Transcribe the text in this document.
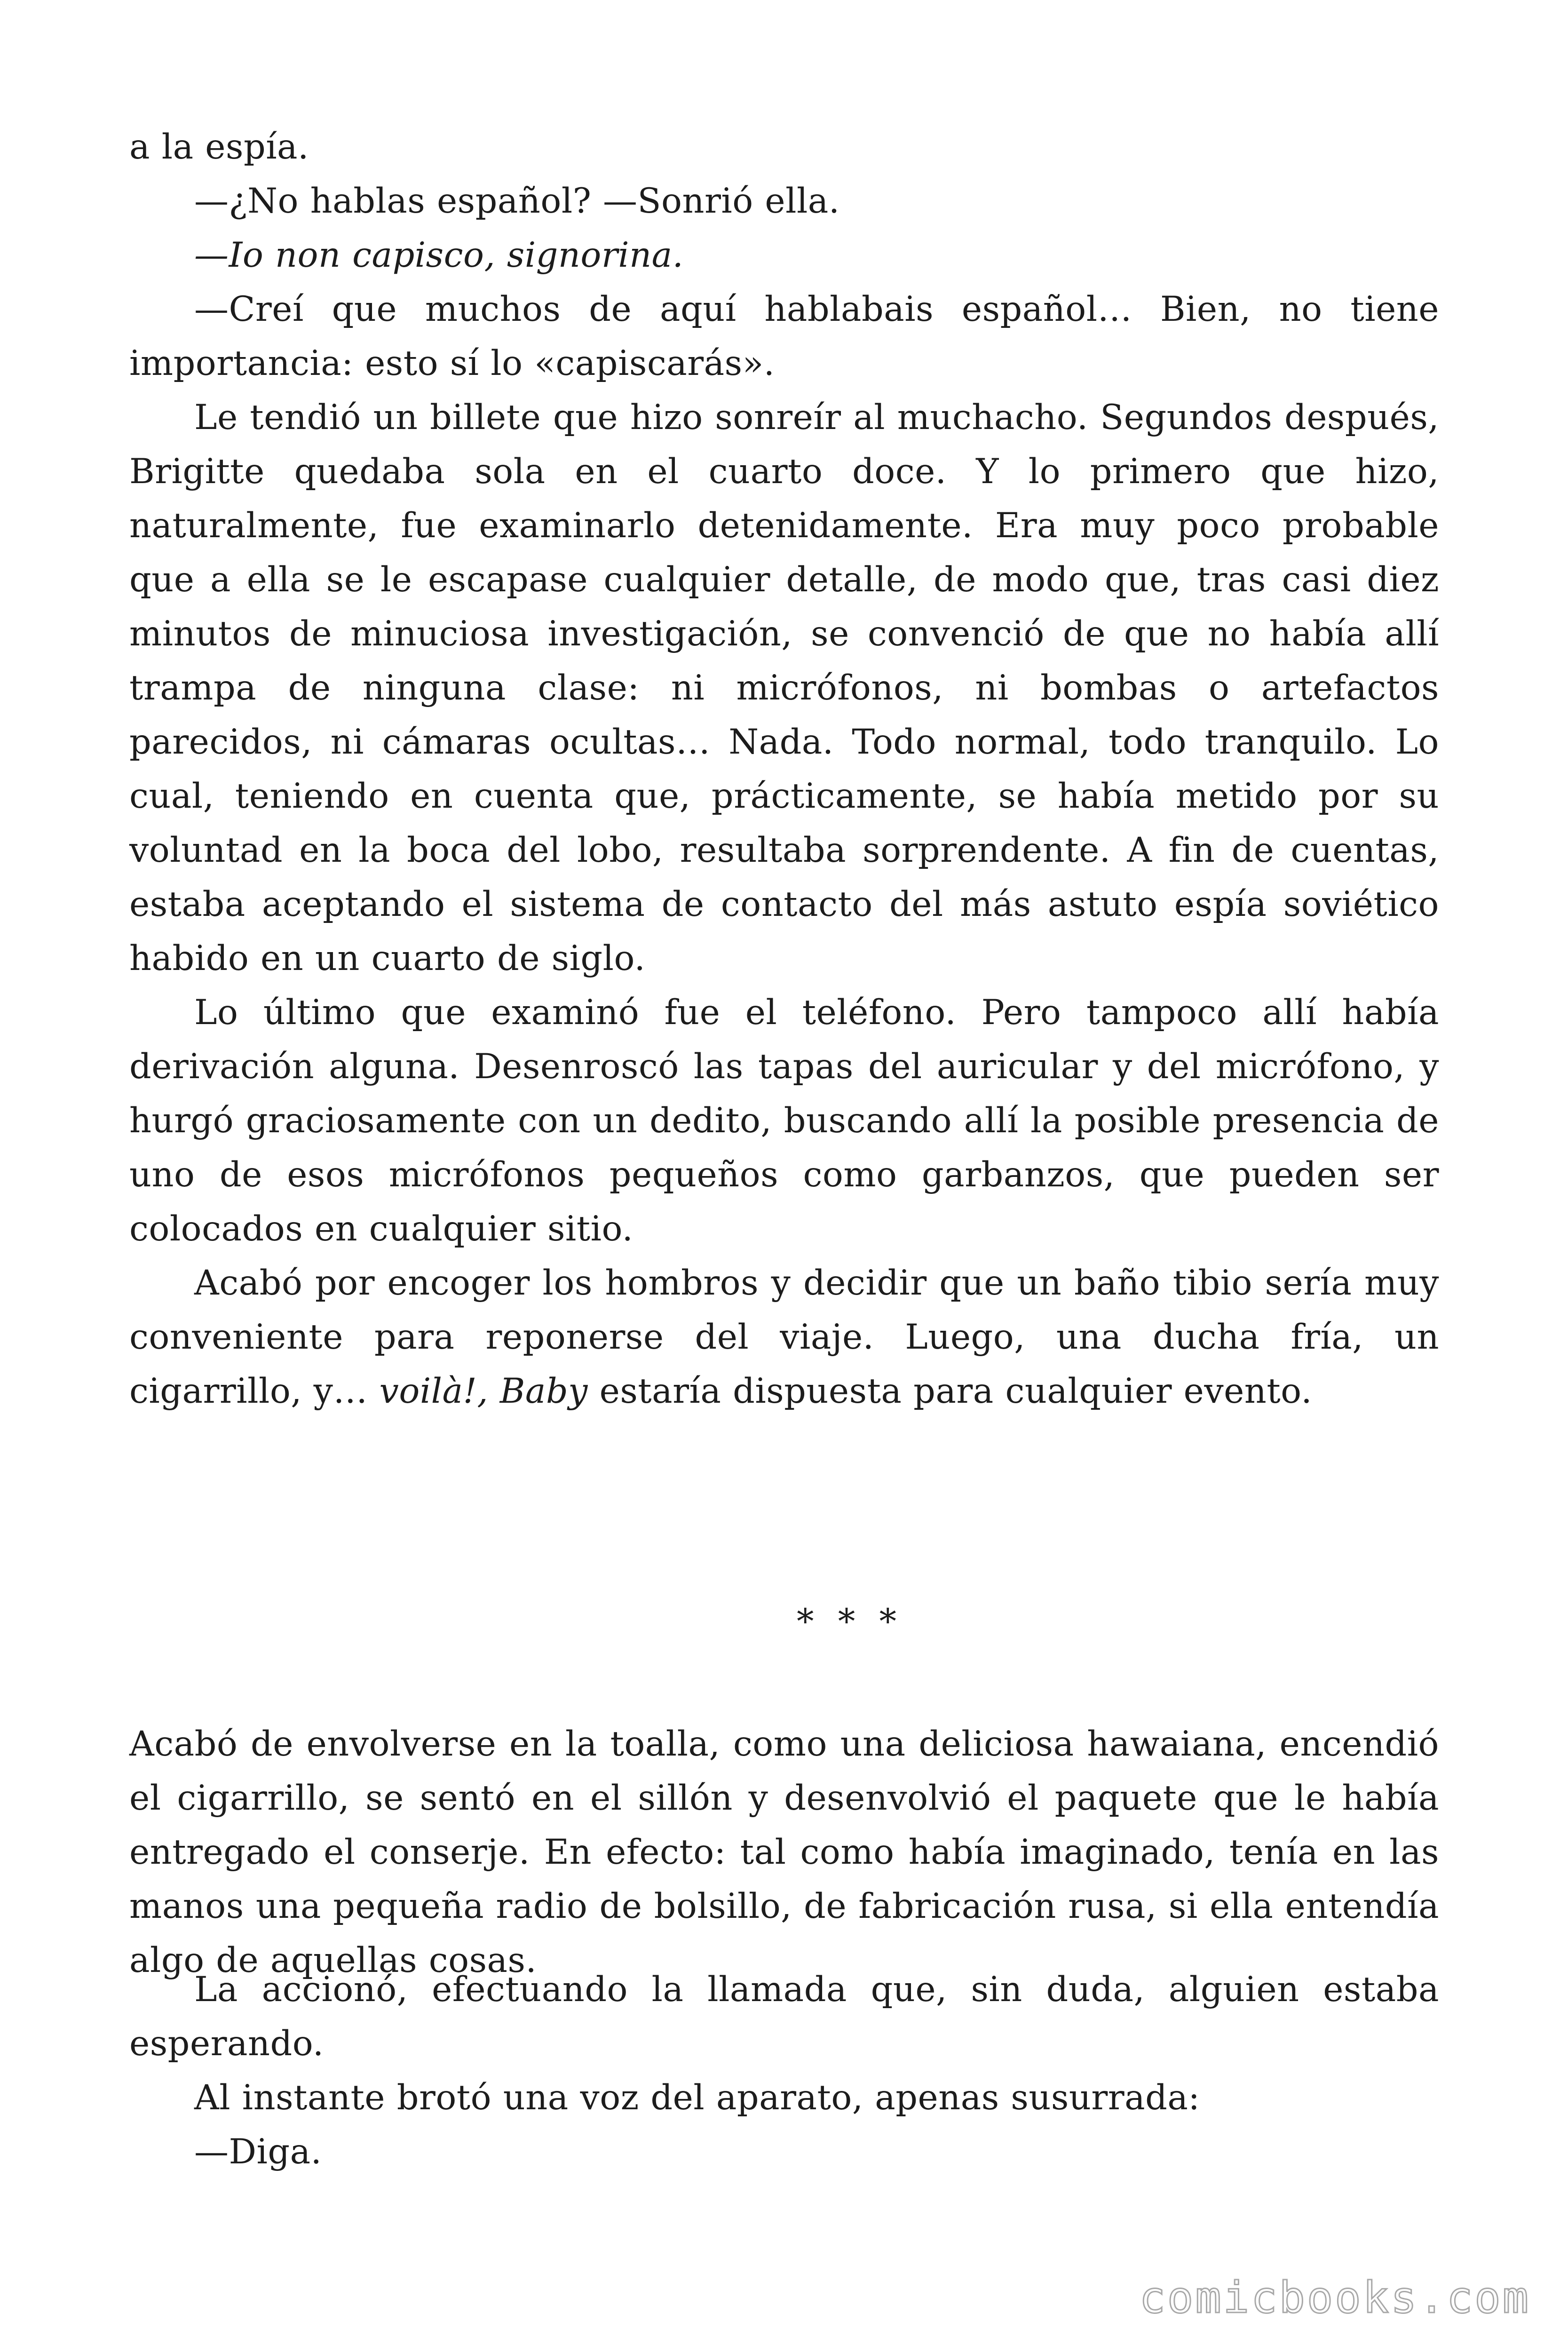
a la espía.

—¿No hablas español? —Sonrió ella.

—Io non capisco, signorina.

—Creí que muchos de aquí hablabais español… Bien, no tiene importancia: esto sí lo «capiscarás».

Le tendió un billete que hizo sonreír al muchacho. Segundos después, Brigitte quedaba sola en el cuarto doce. Y lo primero que hizo, naturalmente, fue examinarlo detenidamente. Era muy poco probable que a ella se le escapase cualquier detalle, de modo que, tras casi diez minutos de minuciosa investigación, se convenció de que no había allí trampa de ninguna clase: ni micrófonos, ni bombas o artefactos parecidos, ni cámaras ocultas… Nada. Todo normal, todo tranquilo. Lo cual, teniendo en cuenta que, prácticamente, se había metido por su voluntad en la boca del lobo, resultaba sorprendente. A fin de cuentas, estaba aceptando el sistema de contacto del más astuto espía soviético habido en un cuarto de siglo.

Lo último que examinó fue el teléfono. Pero tampoco allí había derivación alguna. Desenroscó las tapas del auricular y del micrófono, y hurgó graciosamente con un dedito, buscando allí la posible presencia de uno de esos micrófonos pequeños como garbanzos, que pueden ser colocados en cualquier sitio.

Acabó por encoger los hombros y decidir que un baño tibio sería muy conveniente para reponerse del viaje. Luego, una ducha fría, un cigarrillo, y… voilà!, Baby estaría dispuesta para cualquier evento.

* * *

Acabó de envolverse en la toalla, como una deliciosa hawaiana, encendió el cigarrillo, se sentó en el sillón y desenvolvió el paquete que le había entregado el conserje. En efecto: tal como había imaginado, tenía en las manos una pequeña radio de bolsillo, de fabricación rusa, si ella entendía algo de aquellas cosas.

La accionó, efectuando la llamada que, sin duda, alguien estaba esperando.

Al instante brotó una voz del aparato, apenas susurrada:

—Diga.

comicbooks.com
